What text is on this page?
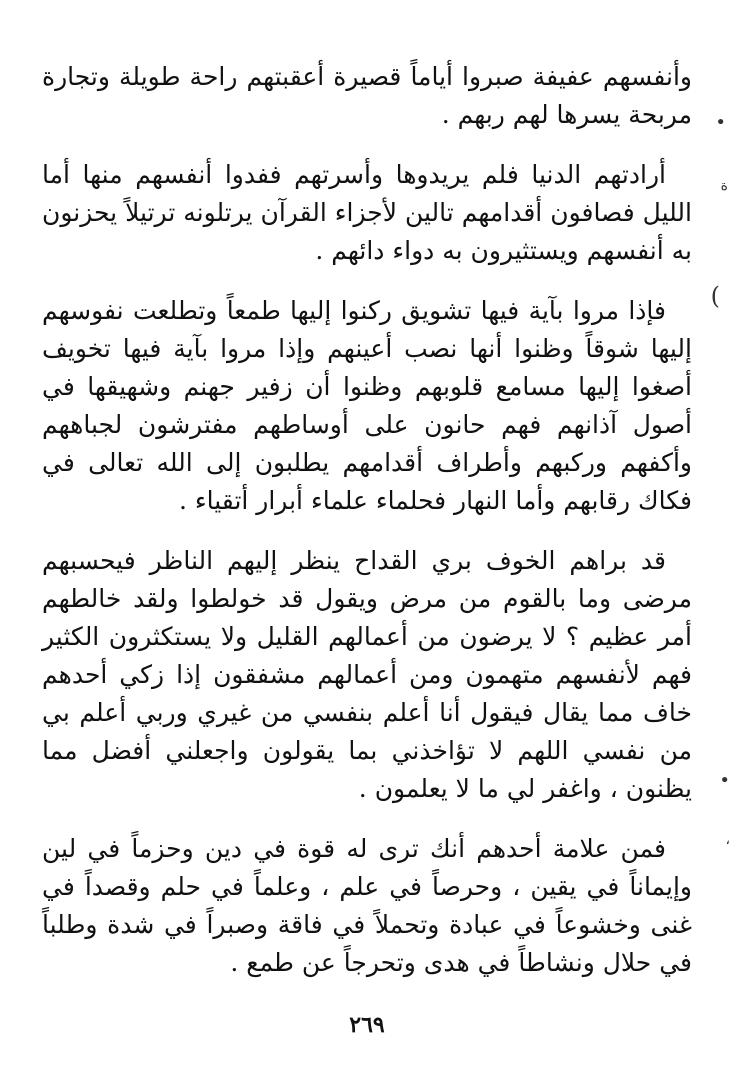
وأنفسهم عفيفة صبروا أياماً قصيرة أعقبتهم راحة طويلة وتجارة مربحة يسرها لهم ربهم .

أرادتهم الدنيا فلم يريدوها وأسرتهم ففدوا أنفسهم منها أما الليل فصافون أقدامهم تالين لأجزاء القرآن يرتلونه ترتيلاً يحزنون به أنفسهم ويستثيرون به دواء دائهم .

فإذا مروا بآية فيها تشويق ركنوا إليها طمعاً وتطلعت نفوسهم إليها شوقاً وظنوا أنها نصب أعينهم وإذا مروا بآية فيها تخويف أصغوا إليها مسامع قلوبهم وظنوا أن زفير جهنم وشهيقها في أصول آذانهم فهم حانون على أوساطهم مفترشون لجباههم وأكفهم وركبهم وأطراف أقدامهم يطلبون إلى الله تعالى في فكاك رقابهم وأما النهار فحلماء علماء أبرار أتقياء .

قد براهم الخوف بري القداح ينظر إليهم الناظر فيحسبهم مرضى وما بالقوم من مرض ويقول قد خولطوا ولقد خالطهم أمر عظيم ؟ لا يرضون من أعمالهم القليل ولا يستكثرون الكثير فهم لأنفسهم متهمون ومن أعمالهم مشفقون إذا زكي أحدهم خاف مما يقال فيقول أنا أعلم بنفسي من غيري وربي أعلم بي من نفسي اللهم لا تؤاخذني بما يقولون واجعلني أفضل مما يظنون ، واغفر لي ما لا يعلمون .

فمن علامة أحدهم أنك ترى له قوة في دين وحزماً في لين وإيماناً في يقين ، وحرصاً في علم ، وعلماً في حلم وقصداً في غنى وخشوعاً في عبادة وتحملاً في فاقة وصبراً في شدة وطلباً في حلال ونشاطاً في هدى وتحرجاً عن طمع .

٢٦٩
•
ة
(
•
،
